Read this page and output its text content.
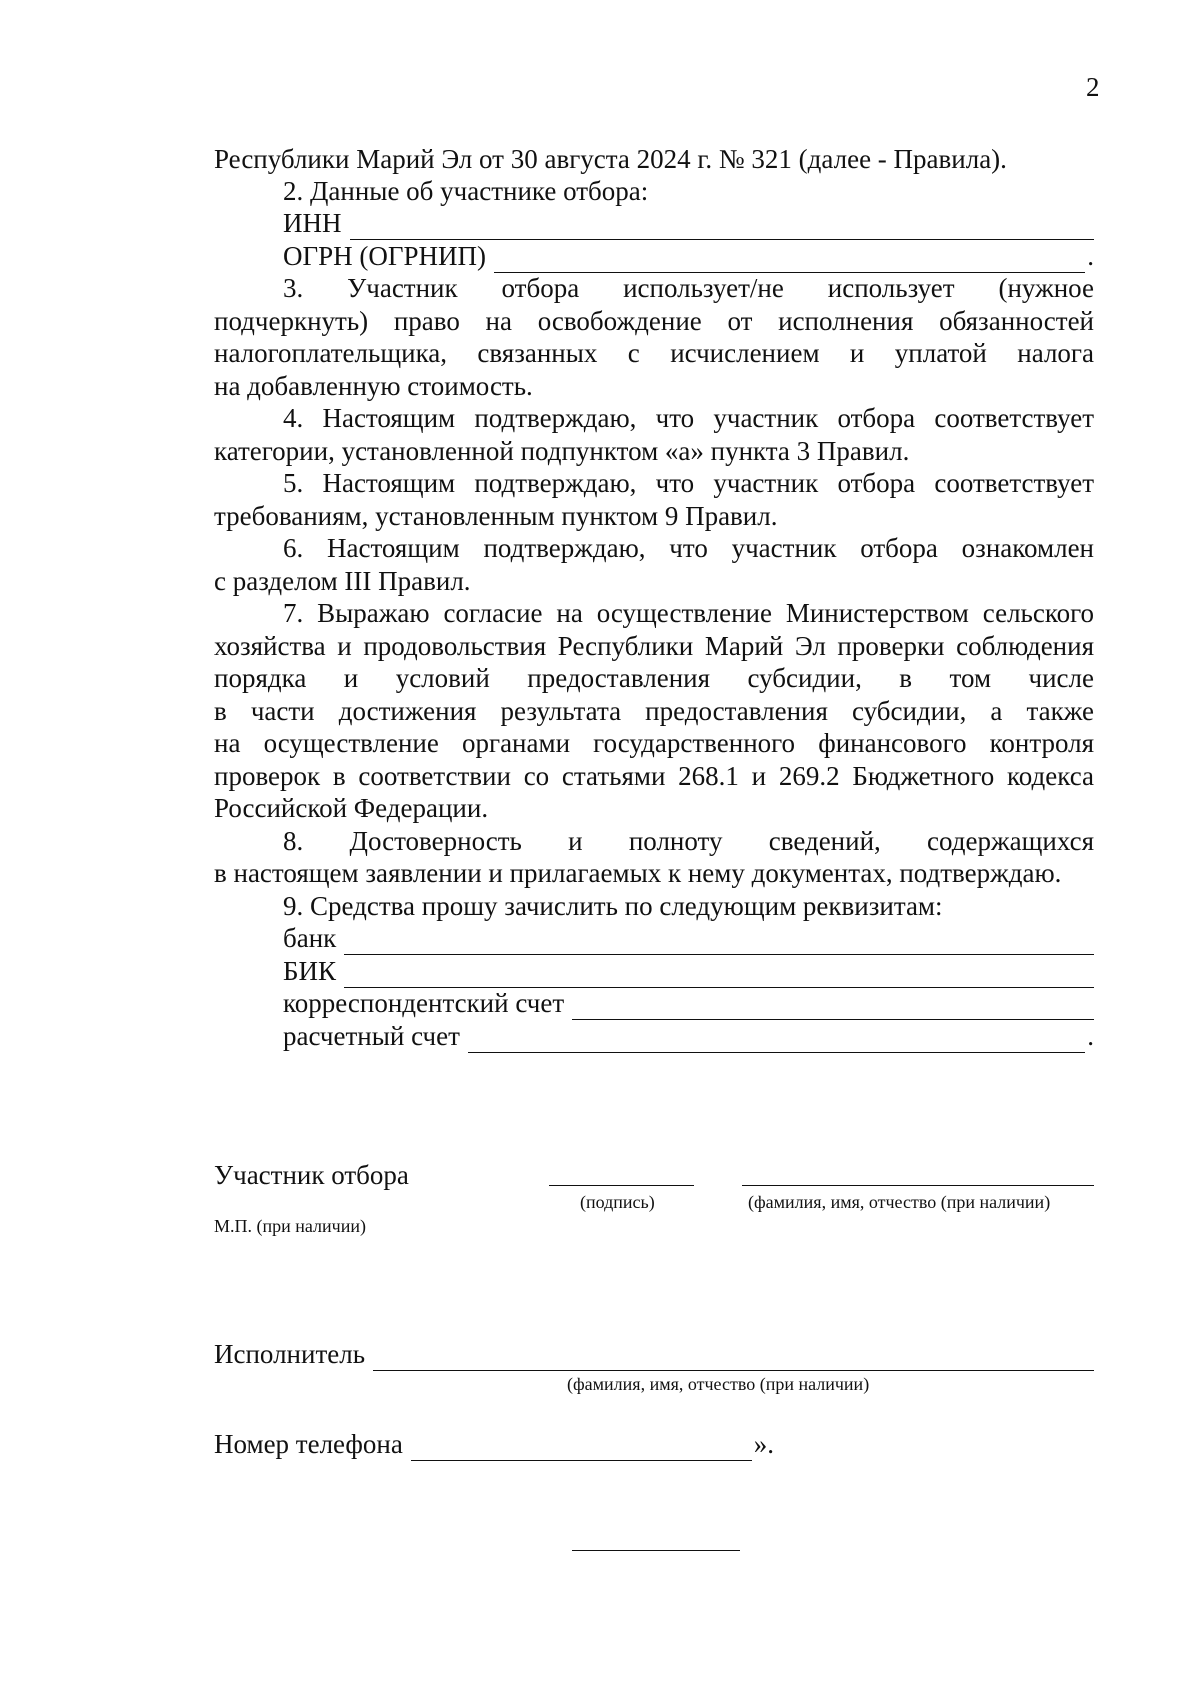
2
Республики Марий Эл от 30 августа 2024 г. № 321 (далее - Правила).
2. Данные об участнике отбора:
ИНН
ОГРН (ОГРНИП)	.
3. Участник отбора использует/не использует (нужное
подчеркнуть) право на освобождение от исполнения обязанностей
налогоплательщика, связанных с исчислением и уплатой налога
на добавленную стоимость.
4. Настоящим подтверждаю, что участник отбора соответствует
категории, установленной подпунктом «а» пункта 3 Правил.
5. Настоящим подтверждаю, что участник отбора соответствует
требованиям, установленным пунктом 9 Правил.
6. Настоящим подтверждаю, что участник отбора ознакомлен
с разделом III Правил.
7. Выражаю согласие на осуществление Министерством сельского
хозяйства и продовольствия Республики Марий Эл проверки соблюдения
порядка и условий предоставления субсидии, в том числе
в части достижения результата предоставления субсидии, а также
на осуществление органами государственного финансового контроля
проверок в соответствии со статьями 268.1 и 269.2 Бюджетного кодекса
Российской Федерации.
8. Достоверность и полноту сведений, содержащихся
в настоящем заявлении и прилагаемых к нему документах, подтверждаю.
9. Средства прошу зачислить по следующим реквизитам:
банк
БИК
корреспондентский счет
расчетный счет	.
Участник отбора
(подпись)	(фамилия, имя, отчество (при наличии)
М.П. (при наличии)
Исполнитель
(фамилия, имя, отчество (при наличии)
Номер телефона	».
